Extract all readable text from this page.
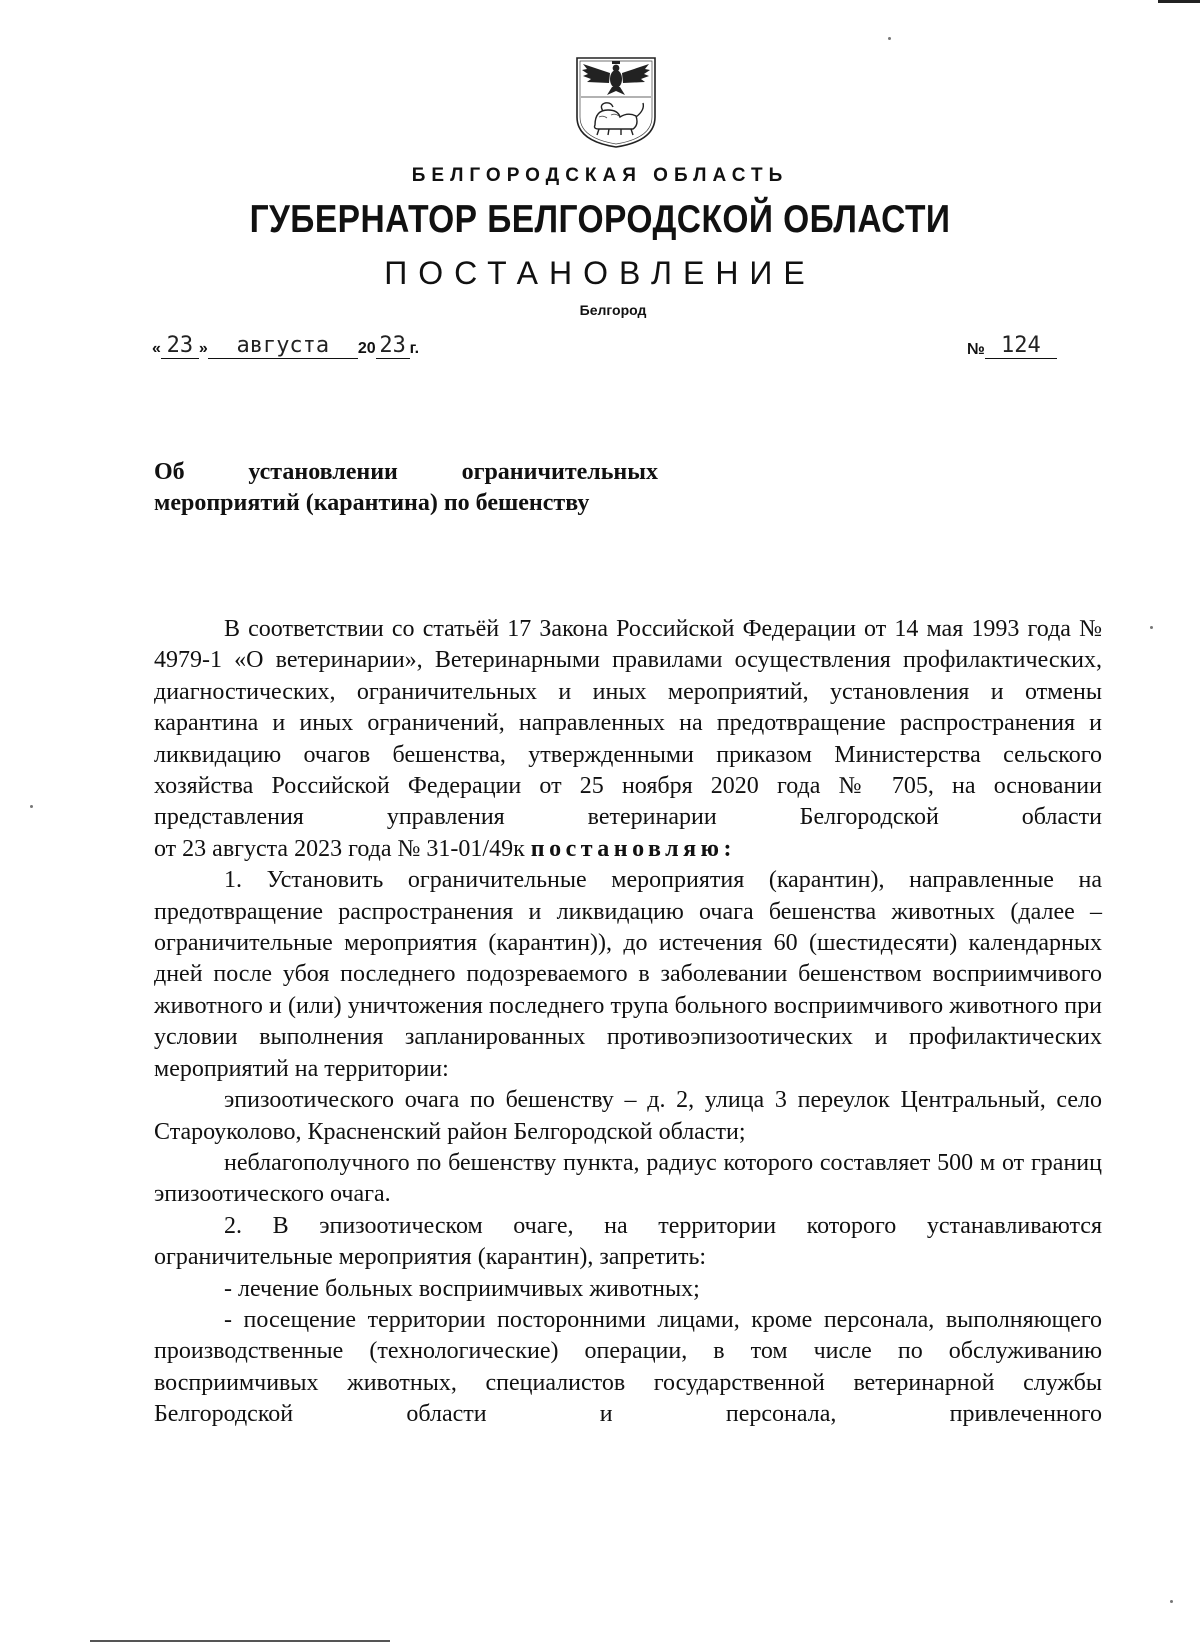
БЕЛГОРОДСКАЯ ОБЛАСТЬ
ГУБЕРНАТОР БЕЛГОРОДСКОЙ ОБЛАСТИ
ПОСТАНОВЛЕНИЕ
Белгород
« 23 »	августа	20 23 г.	№ 124
Об	установлении	ограничительных
мероприятий (карантина) по бешенству

В соответствии со статьёй 17 Закона Российской Федерации от 14 мая 1993 года № 4979-1 «О ветеринарии», Ветеринарными правилами осуществления профилактических, диагностических, ограничительных и иных мероприятий, установления и отмены карантина и иных ограничений, направленных на предотвращение распространения и ликвидацию очагов бешенства, утвержденными приказом Министерства сельского хозяйства Российской Федерации от 25 ноября 2020 года № 705, на основании представления управления ветеринарии Белгородской области

от 23 августа 2023 года № 31-01/49к постановляю:

1. Установить ограничительные мероприятия (карантин), направленные на предотвращение распространения и ликвидацию очага бешенства животных (далее – ограничительные мероприятия (карантин)), до истечения 60 (шестидесяти) календарных дней после убоя последнего подозреваемого в заболевании бешенством восприимчивого животного и (или) уничтожения последнего трупа больного восприимчивого животного при условии выполнения запланированных противоэпизоотических и профилактических мероприятий на территории:

эпизоотического очага по бешенству – д. 2, улица 3 переулок Центральный, село Староуколово, Красненский район Белгородской области;

неблагополучного по бешенству пункта, радиус которого составляет 500 м от границ эпизоотического очага.

2. В эпизоотическом очаге, на территории которого устанавливаются ограничительные мероприятия (карантин), запретить:

- лечение больных восприимчивых животных;

- посещение территории посторонними лицами, кроме персонала, выполняющего производственные (технологические) операции, в том числе по обслуживанию восприимчивых животных, специалистов государственной ветеринарной службы Белгородской области и персонала, привлеченного
